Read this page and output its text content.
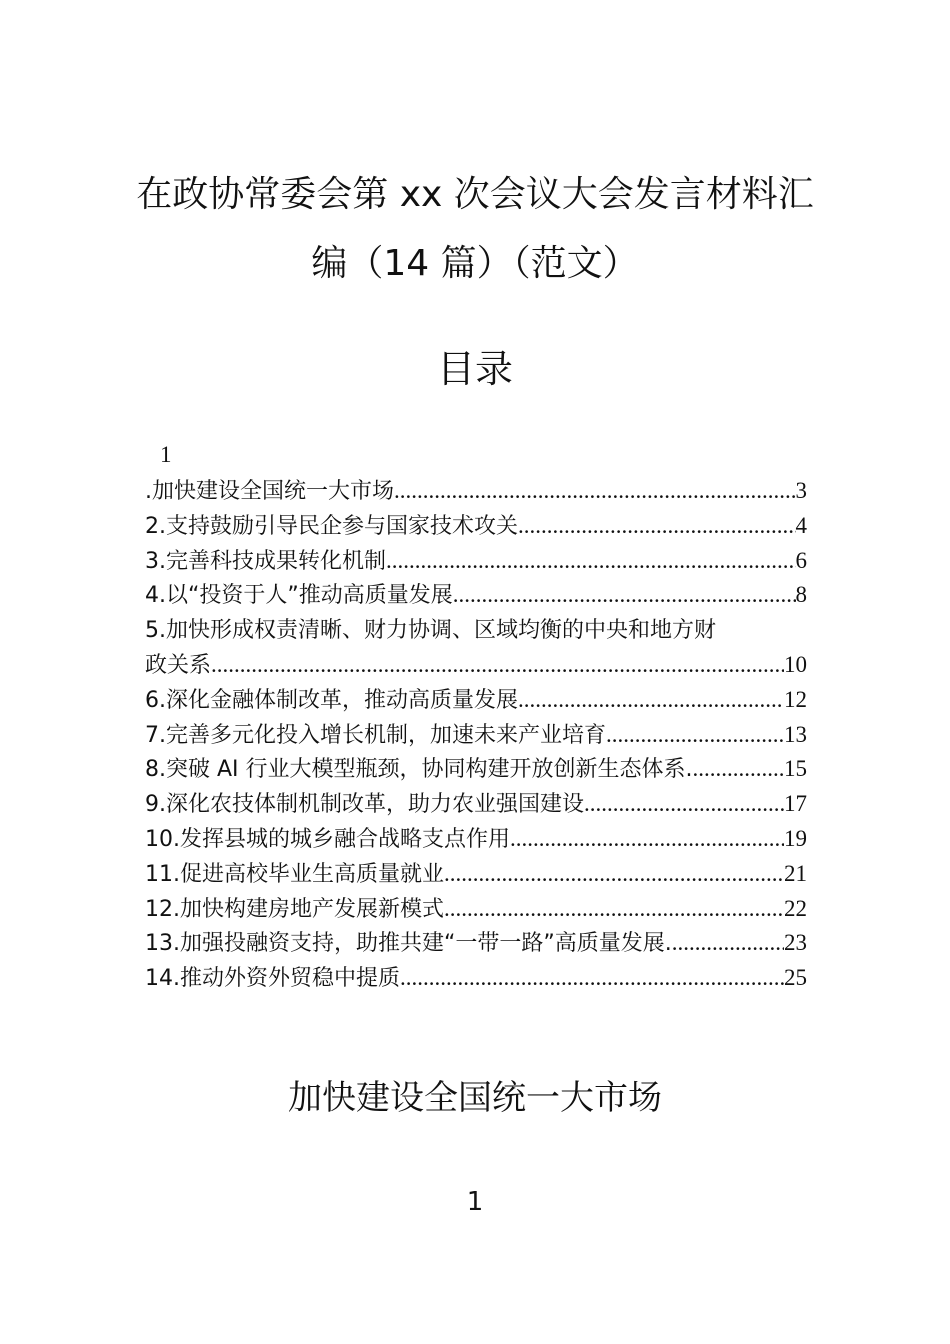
在政协常委会第 xx 次会议大会发言材料汇
编（14 篇）（范文）
目录
1
.加快建设全国统一大市场 .....	3
2.支持鼓励引导民企参与国家技术攻关 .....	4
3.完善科技成果转化机制 .....	6
4.以“投资于人”推动高质量发展 .....	8
5.加快形成权责清晰、财力协调、区域均衡的中央和地方财
政关系 .....	10
6.深化金融体制改革，推动高质量发展 .....	12
7.完善多元化投入增长机制，加速未来产业培育 .....	13
8.突破 AI 行业大模型瓶颈，协同构建开放创新生态体系. .....	15
9.深化农技体制机制改革，助力农业强国建设 .....	17
10.发挥县城的城乡融合战略支点作用 .....	19
11.促进高校毕业生高质量就业 .....	21
12.加快构建房地产发展新模式 .....	22
13.加强投融资支持，助推共建“一带一路”高质量发展. .....	23
14.推动外资外贸稳中提质 .....	25
加快建设全国统一大市场
1
